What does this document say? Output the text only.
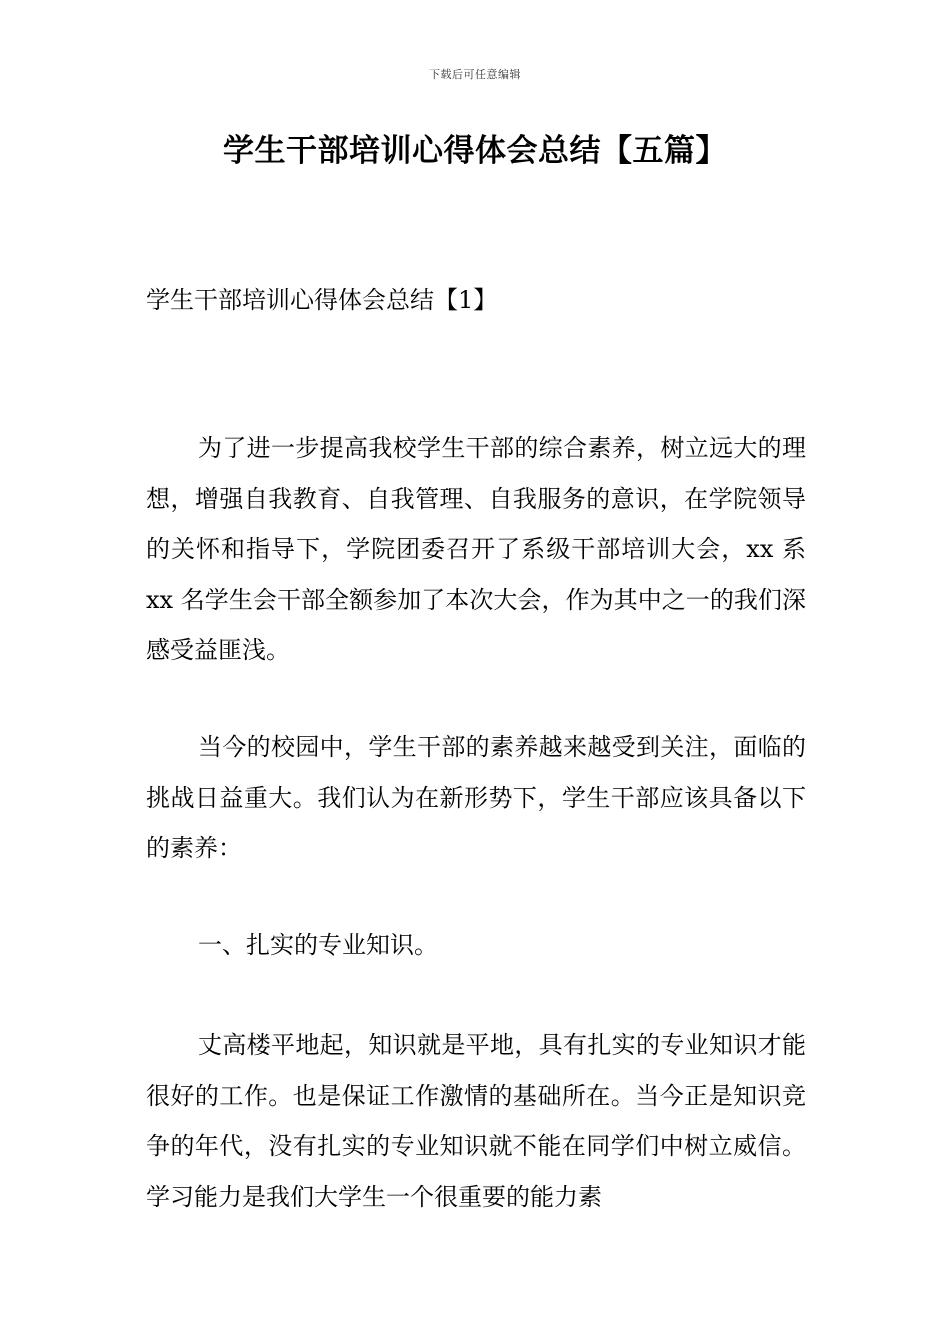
下载后可任意编辑
学生干部培训心得体会总结【五篇】
学生干部培训心得体会总结【1】

为了进一步提高我校学生干部的综合素养，树立远大的理想，增强自我教育、自我管理、自我服务的意识，在学院领导的关怀和指导下，学院团委召开了系级干部培训大会，xx 系 xx 名学生会干部全额参加了本次大会，作为其中之一的我们深感受益匪浅。

当今的校园中，学生干部的素养越来越受到关注，面临的挑战日益重大。我们认为在新形势下，学生干部应该具备以下的素养：

一、扎实的专业知识。

丈高楼平地起，知识就是平地，具有扎实的专业知识才能很好的工作。也是保证工作激情的基础所在。当今正是知识竞争的年代，没有扎实的专业知识就不能在同学们中树立威信。学习能力是我们大学生一个很重要的能力素
